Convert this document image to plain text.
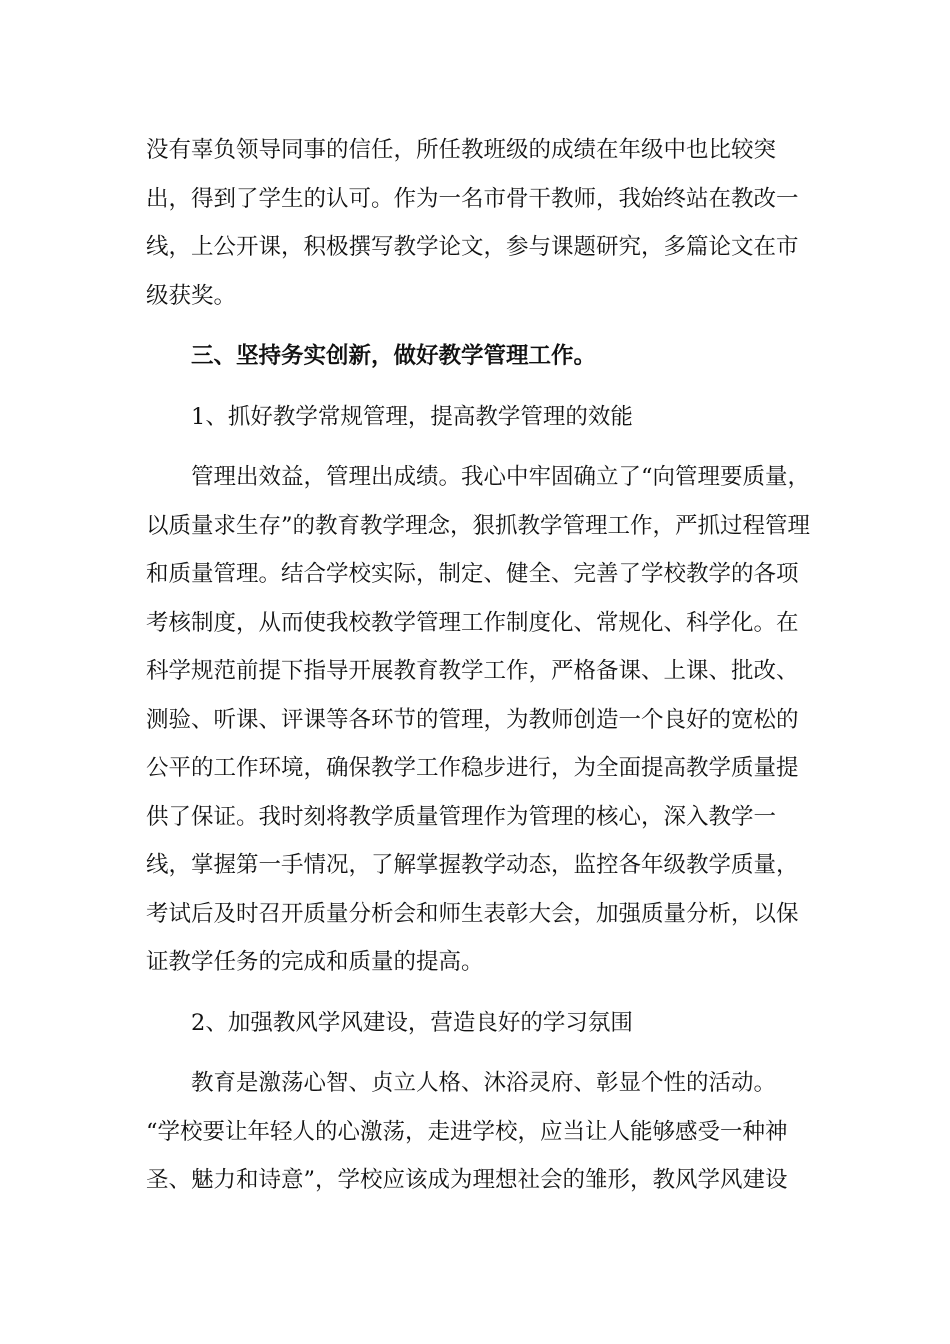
没有辜负领导同事的信任，所任教班级的成绩在年级中也比较突出，得到了学生的认可。作为一名市骨干教师，我始终站在教改一线，上公开课，积极撰写教学论文，参与课题研究，多篇论文在市级获奖。

三、坚持务实创新，做好教学管理工作。

1、抓好教学常规管理，提高教学管理的效能

管理出效益，管理出成绩。我心中牢固确立了“向管理要质量，以质量求生存”的教育教学理念，狠抓教学管理工作，严抓过程管理和质量管理。结合学校实际，制定、健全、完善了学校教学的各项考核制度，从而使我校教学管理工作制度化、常规化、科学化。在科学规范前提下指导开展教育教学工作，严格备课、上课、批改、测验、听课、评课等各环节的管理，为教师创造一个良好的宽松的公平的工作环境，确保教学工作稳步进行，为全面提高教学质量提供了保证。我时刻将教学质量管理作为管理的核心，深入教学一线，掌握第一手情况，了解掌握教学动态，监控各年级教学质量，考试后及时召开质量分析会和师生表彰大会，加强质量分析，以保证教学任务的完成和质量的提高。

2、加强教风学风建设，营造良好的学习氛围

教育是激荡心智、贞立人格、沐浴灵府、彰显个性的活动。

“学校要让年轻人的心激荡，走进学校，应当让人能够感受一种神圣、魅力和诗意”，学校应该成为理想社会的雏形，教风学风建设
